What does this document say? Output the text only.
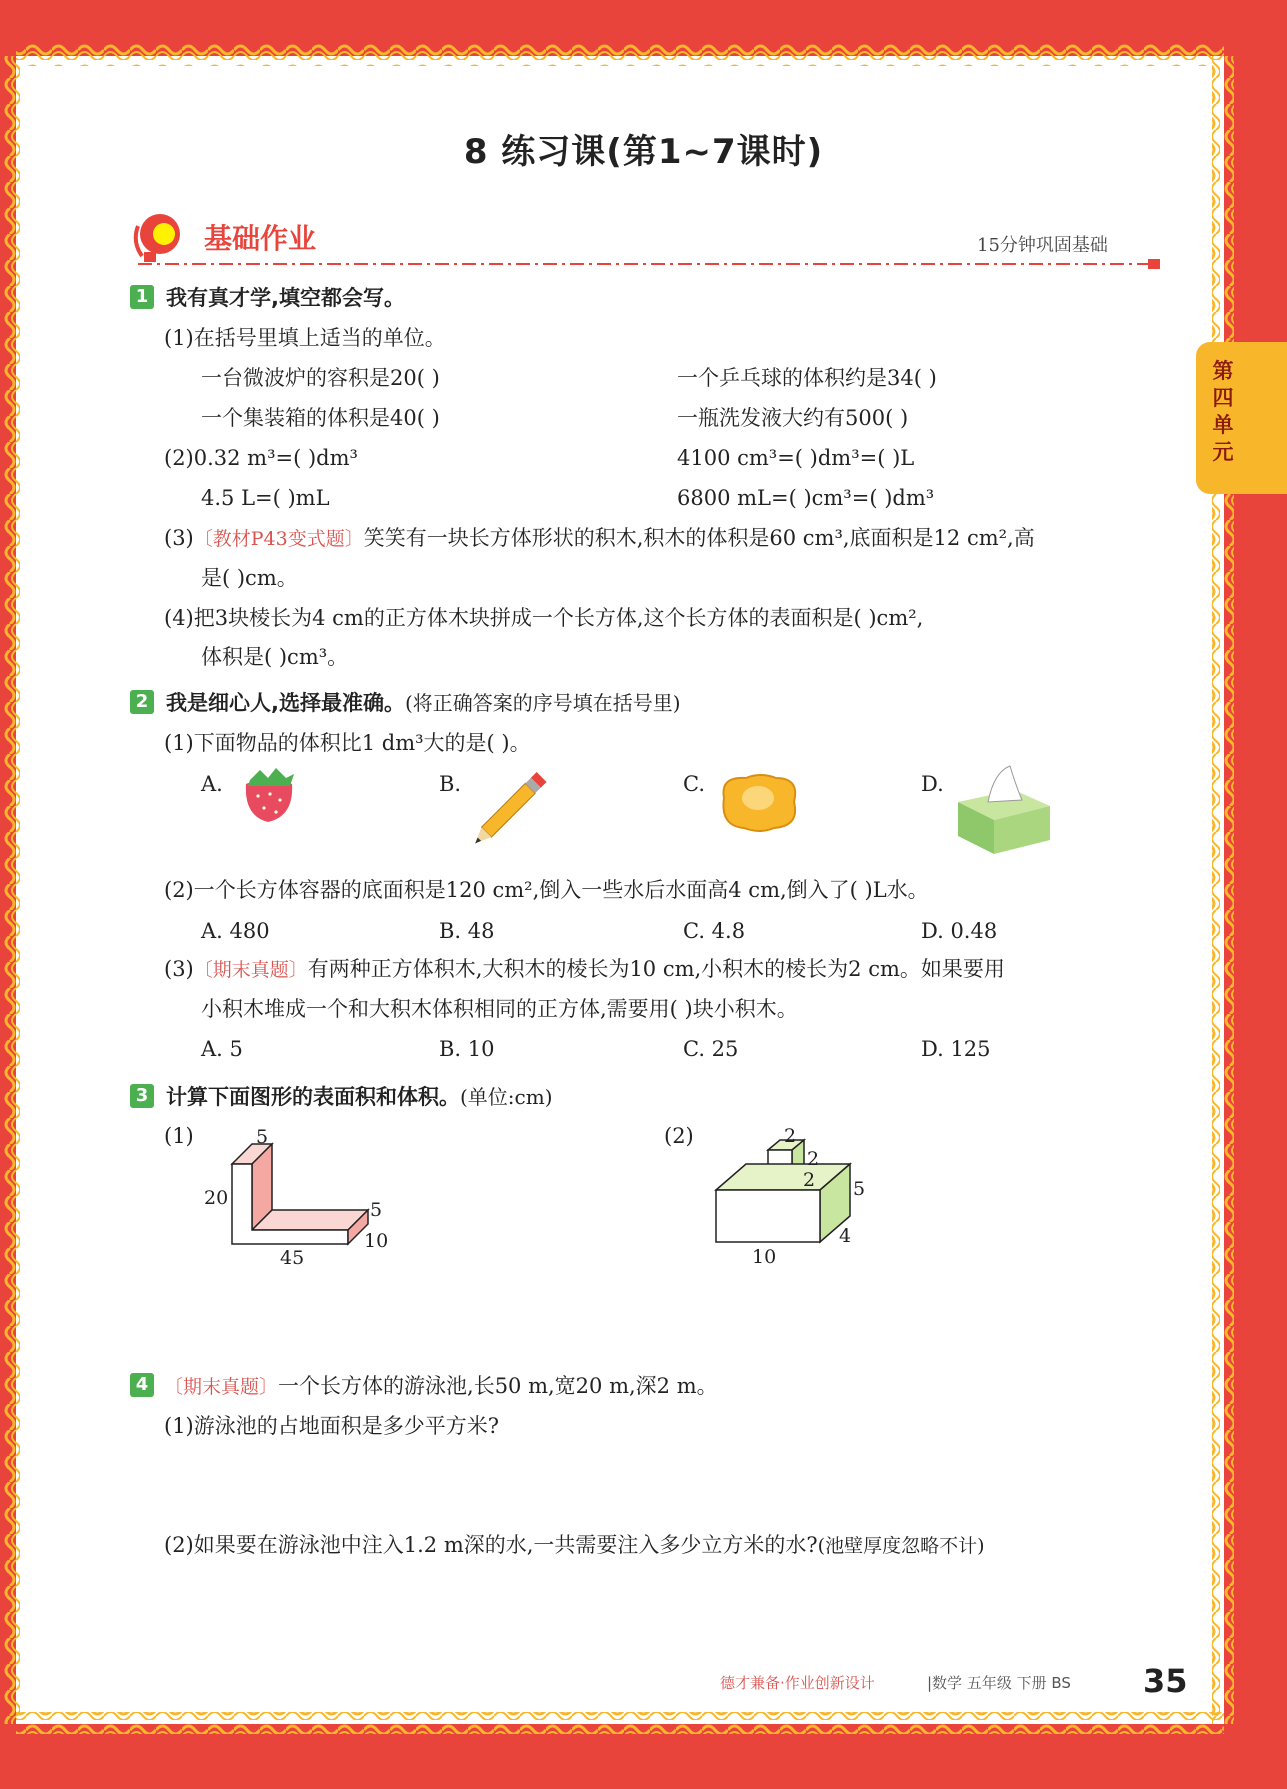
第四单元
8 练习课(第1~7课时)
基础作业	15分钟巩固基础
1 我有真才学,填空都会写。
(1)在括号里填上适当的单位。
一台微波炉的容积是20( )	一个乒乓球的体积约是34( )
一个集装箱的体积是40( )	一瓶洗发液大约有500( )
(2)0.32 m³=( )dm³	4100 cm³=( )dm³=( )L
4.5 L=( )mL	6800 mL=( )cm³=( )dm³
(3)〔教材P43变式题〕笑笑有一块长方体形状的积木,积木的体积是60 cm³,底面积是12 cm²,高
是( )cm。
(4)把3块棱长为4 cm的正方体木块拼成一个长方体,这个长方体的表面积是( )cm²,
体积是( )cm³。
2 我是细心人,选择最准确。(将正确答案的序号填在括号里)
(1)下面物品的体积比1 dm³大的是( )。
A.	B.	C.	D.
(2)一个长方体容器的底面积是120 cm²,倒入一些水后水面高4 cm,倒入了( )L水。
A. 480	B. 48	C. 4.8	D. 0.48
(3)〔期末真题〕有两种正方体积木,大积木的棱长为10 cm,小积木的棱长为2 cm。如果要用
小积木堆成一个和大积木体积相同的正方体,需要用( )块小积木。
A. 5	B. 10	C. 25	D. 125
3 计算下面图形的表面积和体积。(单位:cm)
(1)	(2)
5
20
5
10
45
2
2
2 5
4
10
4 〔期末真题〕一个长方体的游泳池,长50 m,宽20 m,深2 m。
(1)游泳池的占地面积是多少平方米?
(2)如果要在游泳池中注入1.2 m深的水,一共需要注入多少立方米的水?(池壁厚度忽略不计)
德才兼备·作业创新设计	|数学 五年级 下册 BS 35
